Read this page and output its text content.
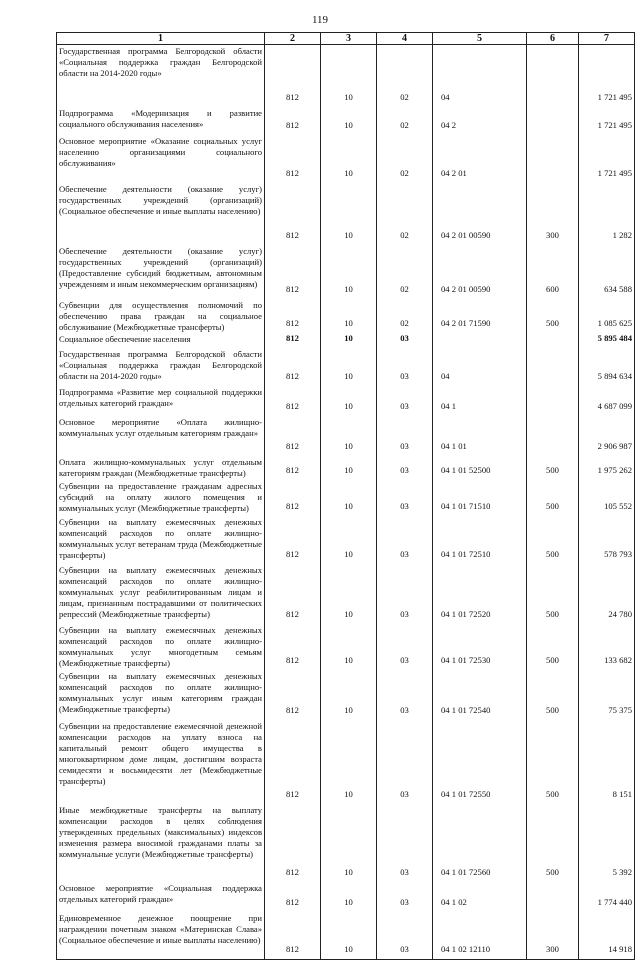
119
1	2	3	4	5	6	7
Государственная программа Белгородской области «Социальная поддержка граждан Белгородской области на 2014-2020 годы»	812	10	02	04		1 721 495
Подпрограмма «Модернизация и развитие социального обслуживания населения»	812	10	02	04 2		1 721 495
Основное мероприятие «Оказание социальных услуг населению организациями социального обслуживания»	812	10	02	04 2 01		1 721 495
Обеспечение деятельности (оказание услуг) государственных учреждений (организаций) (Социальное обеспечение и иные выплаты населению)	812	10	02	04 2 01 00590	300	1 282
Обеспечение деятельности (оказание услуг) государственных учреждений (организаций) (Предоставление субсидий бюджетным, автономным учреждениям и иным некоммерческим организациям)	812	10	02	04 2 01 00590	600	634 588
Субвенции для осуществления полномочий по обеспечению права граждан на социальное обслуживание (Межбюджетные трансферты)	812	10	02	04 2 01 71590	500	1 085 625
Социальное обеспечение населения	812	10	03			5 895 484
Государственная программа Белгородской области «Социальная поддержка граждан Белгородской области на 2014-2020 годы»	812	10	03	04		5 894 634
Подпрограмма «Развитие мер социальной поддержки отдельных категорий граждан»	812	10	03	04 1		4 687 099
Основное мероприятие «Оплата жилищно-коммунальных услуг отдельным категориям граждан»	812	10	03	04 1 01		2 906 987
Оплата жилищно-коммунальных услуг отдельным категориям граждан (Межбюджетные трансферты)	812	10	03	04 1 01 52500	500	1 975 262
Субвенции на предоставление гражданам адресных субсидий на оплату жилого помещения и коммунальных услуг (Межбюджетные трансферты)	812	10	03	04 1 01 71510	500	105 552
Субвенции на выплату ежемесячных денежных компенсаций расходов по оплате жилищно-коммунальных услуг ветеранам труда (Межбюджетные трансферты)	812	10	03	04 1 01 72510	500	578 793
Субвенции на выплату ежемесячных денежных компенсаций расходов по оплате жилищно-коммунальных услуг реабилитированным лицам и лицам, признанным пострадавшими от политических репрессий (Межбюджетные трансферты)	812	10	03	04 1 01 72520	500	24 780
Субвенции на выплату ежемесячных денежных компенсаций расходов по оплате жилищно-коммунальных услуг многодетным семьям (Межбюджетные трансферты)	812	10	03	04 1 01 72530	500	133 682
Субвенции на выплату ежемесячных денежных компенсаций расходов по оплате жилищно-коммунальных услуг иным категориям граждан (Межбюджетные трансферты)	812	10	03	04 1 01 72540	500	75 375
Субвенции на предоставление ежемесячной денежной компенсации расходов на уплату взноса на капитальный ремонт общего имущества в многоквартирном доме лицам, достигшим возраста семидесяти и восьмидесяти лет (Межбюджетные трансферты)	812	10	03	04 1 01 72550	500	8 151
Иные межбюджетные трансферты на выплату компенсации расходов в целях соблюдения утвержденных предельных (максимальных) индексов изменения размера вносимой гражданами платы за коммунальные услуги (Межбюджетные трансферты)	812	10	03	04 1 01 72560	500	5 392
Основное мероприятие «Социальная поддержка отдельных категорий граждан»	812	10	03	04 1 02		1 774 440
Единовременное денежное поощрение при награждении почетным знаком «Материнская Слава» (Социальное обеспечение и иные выплаты населению)	812	10	03	04 1 02 12110	300	14 918
